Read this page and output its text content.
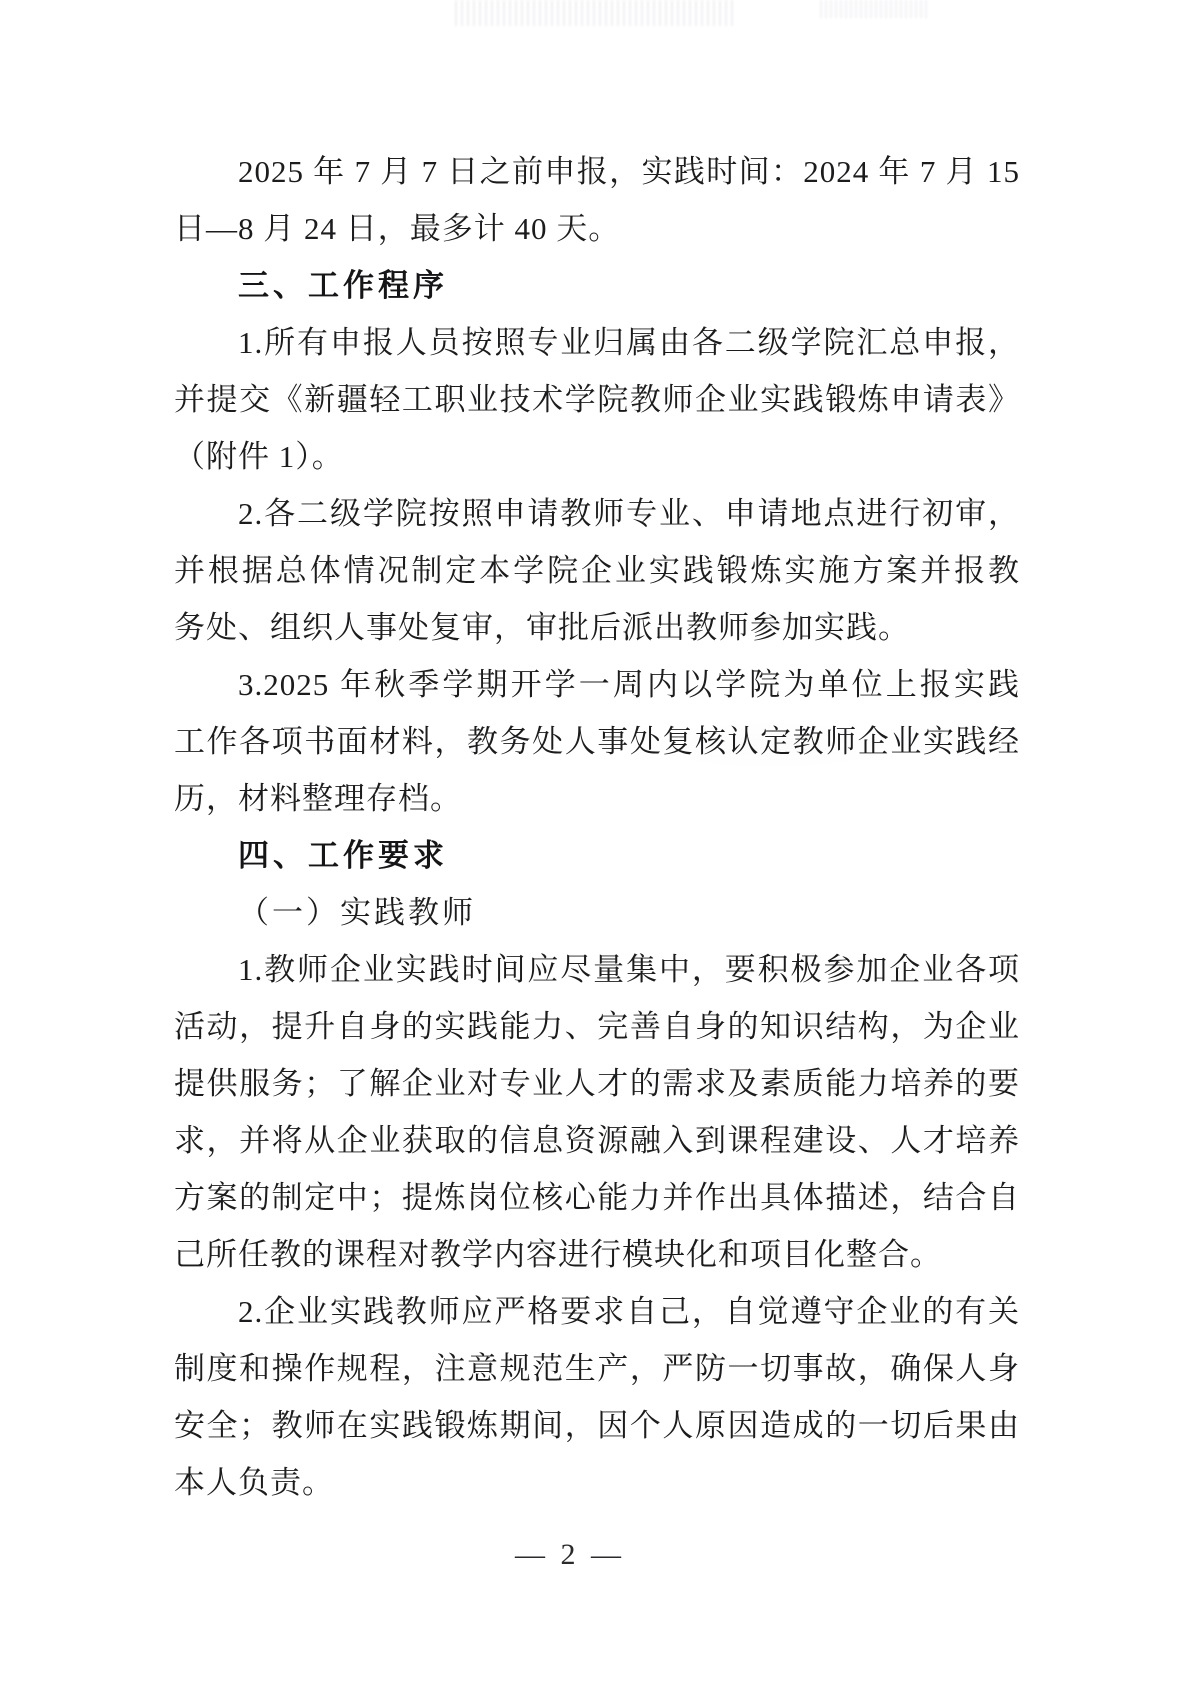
2025 年 7 月 7 日之前申报，实践时间：2024 年 7 月 15
日—8 月 24 日，最多计 40 天。
三、工作程序
1.所有申报人员按照专业归属由各二级学院汇总申报，
并提交《新疆轻工职业技术学院教师企业实践锻炼申请表》
（附件 1）。
2.各二级学院按照申请教师专业、申请地点进行初审，
并根据总体情况制定本学院企业实践锻炼实施方案并报教
务处、组织人事处复审，审批后派出教师参加实践。
3.2025 年秋季学期开学一周内以学院为单位上报实践
工作各项书面材料，教务处人事处复核认定教师企业实践经
历，材料整理存档。
四、工作要求
（一）实践教师
1.教师企业实践时间应尽量集中，要积极参加企业各项
活动，提升自身的实践能力、完善自身的知识结构，为企业
提供服务；了解企业对专业人才的需求及素质能力培养的要
求，并将从企业获取的信息资源融入到课程建设、人才培养
方案的制定中；提炼岗位核心能力并作出具体描述，结合自
己所任教的课程对教学内容进行模块化和项目化整合。
2.企业实践教师应严格要求自己，自觉遵守企业的有关
制度和操作规程，注意规范生产，严防一切事故，确保人身
安全；教师在实践锻炼期间，因个人原因造成的一切后果由
本人负责。
— 2 —
